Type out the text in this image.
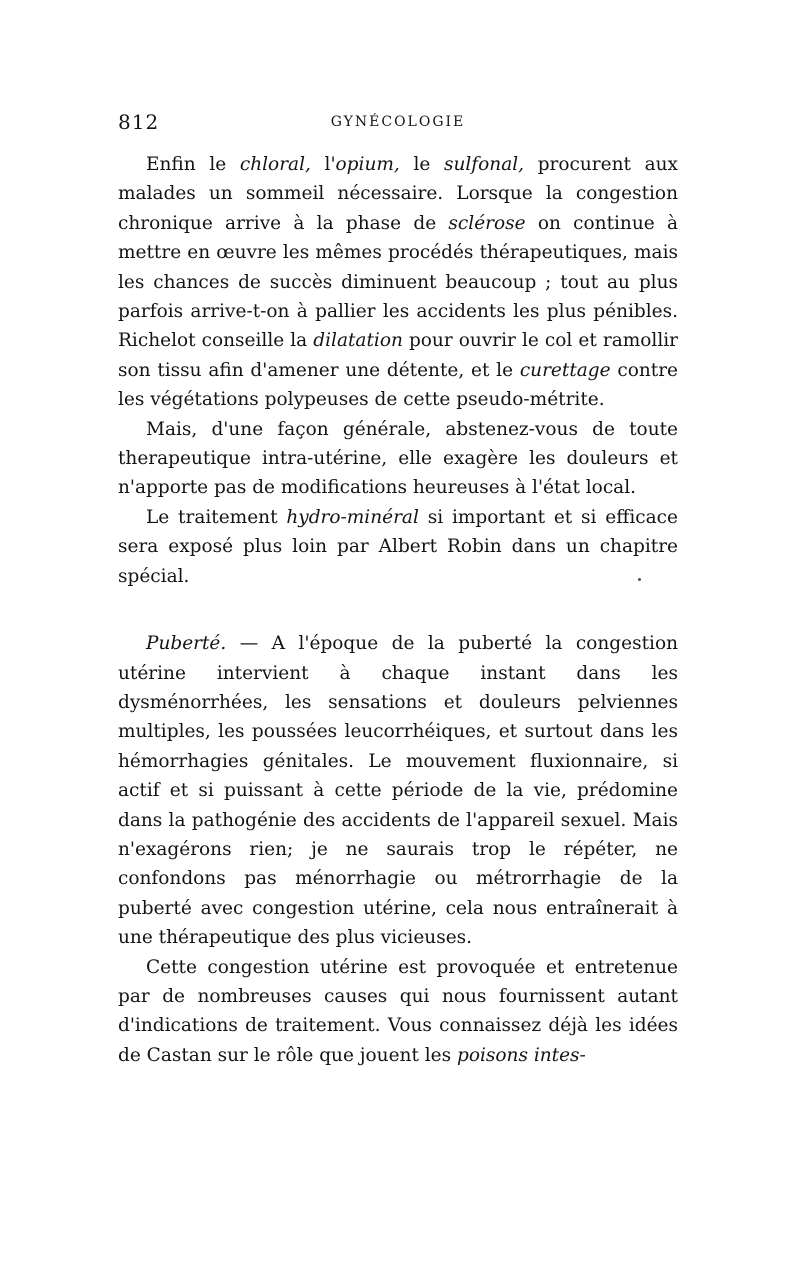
812	GYNÉCOLOGIE

Enfin le chloral, l'opium, le sulfonal, procurent aux malades un sommeil nécessaire. Lorsque la congestion chronique arrive à la phase de sclérose on continue à mettre en œuvre les mêmes procédés thérapeutiques, mais les chances de succès diminuent beaucoup ; tout au plus parfois arrive-t-on à pallier les accidents les plus pénibles. Richelot conseille la dilatation pour ouvrir le col et ramollir son tissu afin d'amener une détente, et le curettage contre les végétations polypeuses de cette pseudo-métrite.

Mais, d'une façon générale, abstenez-vous de toute therapeutique intra-utérine, elle exagère les douleurs et n'apporte pas de modifications heureuses à l'état local.

Le traitement hydro-minéral si important et si efficace sera exposé plus loin par Albert Robin dans un chapitre spécial.

Puberté. — A l'époque de la puberté la congestion utérine intervient à chaque instant dans les dysménorrhées, les sensations et douleurs pelviennes multiples, les poussées leucorrhéiques, et surtout dans les hémorrhagies génitales. Le mouvement fluxionnaire, si actif et si puissant à cette période de la vie, prédomine dans la pathogénie des accidents de l'appareil sexuel. Mais n'exagérons rien; je ne saurais trop le répéter, ne confondons pas ménorrhagie ou métrorrhagie de la puberté avec congestion utérine, cela nous entraînerait à une thérapeutique des plus vicieuses.

Cette congestion utérine est provoquée et entretenue par de nombreuses causes qui nous fournissent autant d'indications de traitement. Vous connaissez déjà les idées de Castan sur le rôle que jouent les poisons intes-
